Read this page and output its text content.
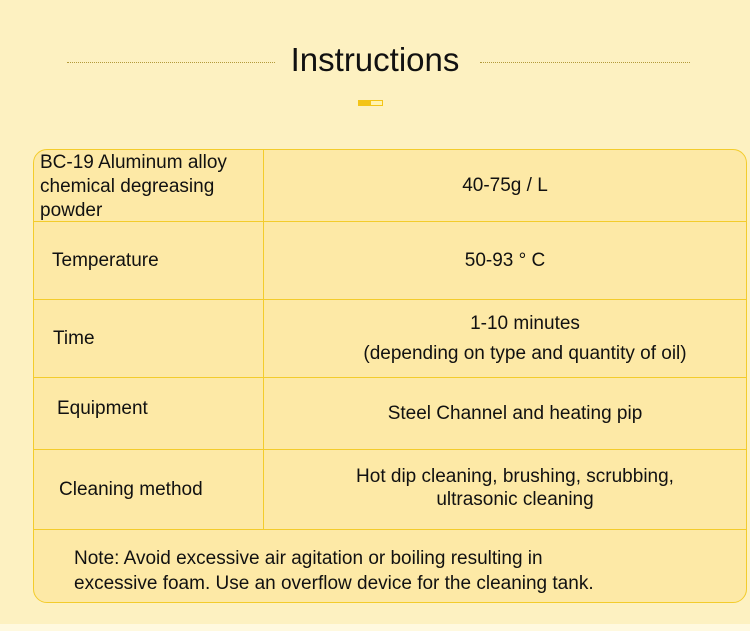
Instructions
BC-19 Aluminum alloy chemical degreasing powder
40-75g / L
Temperature	50-93 ° C
Time
1-10 minutes
(depending on type and quantity of oil)
Equipment	Steel Channel and heating pip
Cleaning method
Hot dip cleaning, brushing, scrubbing,
ultrasonic cleaning
Note: Avoid excessive air agitation or boiling resulting in
excessive foam. Use an overflow device for the cleaning tank.
